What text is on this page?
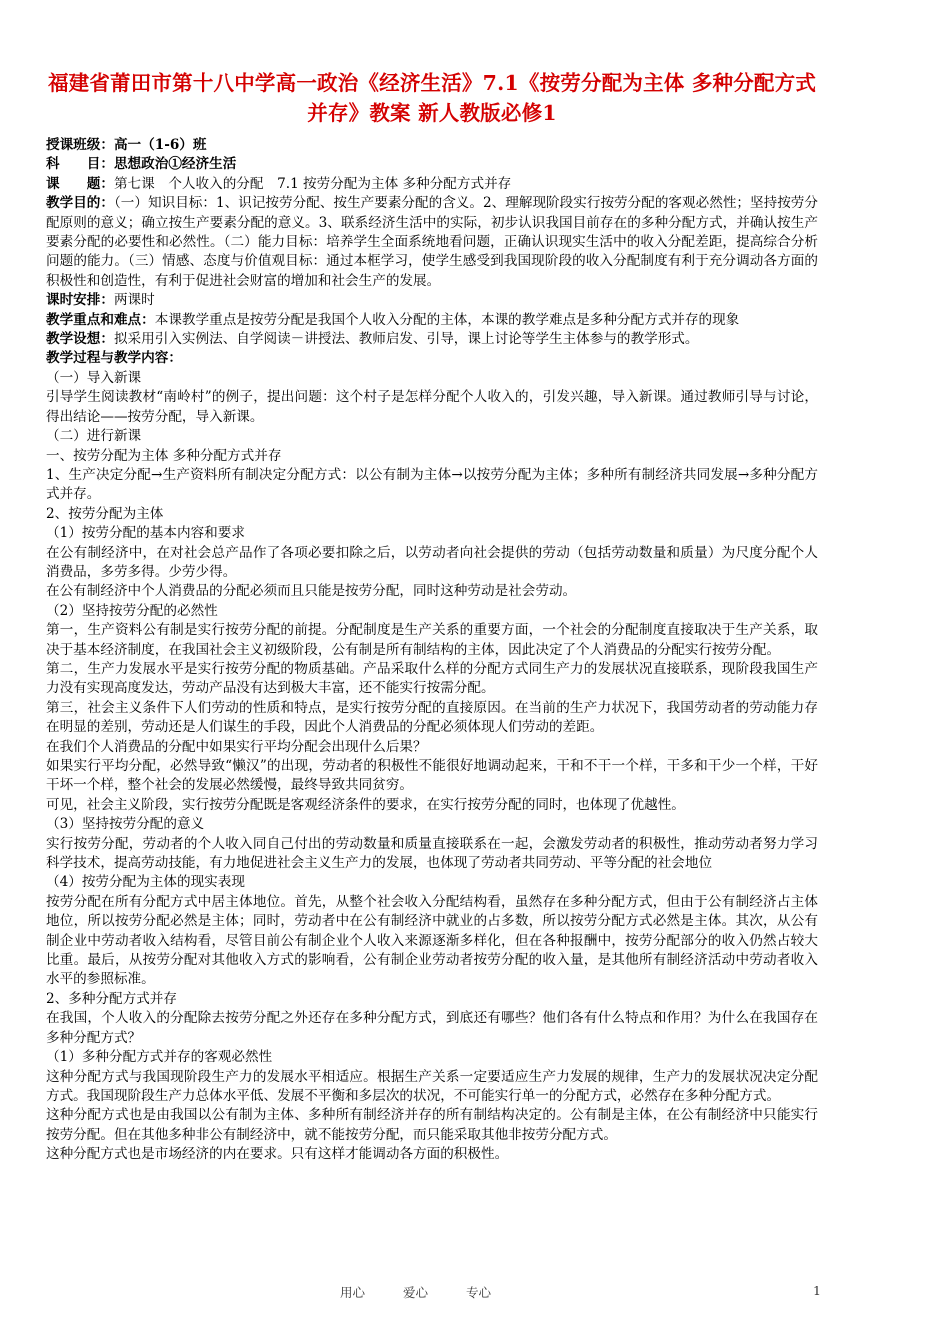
福建省莆田市第十八中学高一政治《经济生活》7.1《按劳分配为主体 多种分配方式并存》教案 新人教版必修1

授课班级：高一（1-6）班

科　　目：思想政治①经济生活

课　　题：第七课　个人收入的分配　7.1 按劳分配为主体 多种分配方式并存

教学目的：（一）知识目标：1、识记按劳分配、按生产要素分配的含义。2、理解现阶段实行按劳分配的客观必然性；坚持按劳分配原则的意义；确立按生产要素分配的意义。3、联系经济生活中的实际，初步认识我国目前存在的多种分配方式，并确认按生产要素分配的必要性和必然性。（二）能力目标：培养学生全面系统地看问题，正确认识现实生活中的收入分配差距，提高综合分析问题的能力。（三）情感、态度与价值观目标：通过本框学习，使学生感受到我国现阶段的收入分配制度有利于充分调动各方面的积极性和创造性，有利于促进社会财富的增加和社会生产的发展。

课时安排：两课时

教学重点和难点：本课教学重点是按劳分配是我国个人收入分配的主体，本课的教学难点是多种分配方式并存的现象

教学设想：拟采用引入实例法、自学阅读－讲授法、教师启发、引导，课上讨论等学生主体参与的教学形式。

教学过程与教学内容：

（一）导入新课

引导学生阅读教材“南岭村”的例子，提出问题：这个村子是怎样分配个人收入的，引发兴趣，导入新课。通过教师引导与讨论，得出结论——按劳分配，导入新课。

（二）进行新课

一、按劳分配为主体 多种分配方式并存

1、生产决定分配→生产资料所有制决定分配方式：以公有制为主体→以按劳分配为主体；多种所有制经济共同发展→多种分配方式并存。

2、按劳分配为主体

（1）按劳分配的基本内容和要求

在公有制经济中，在对社会总产品作了各项必要扣除之后，以劳动者向社会提供的劳动（包括劳动数量和质量）为尺度分配个人消费品，多劳多得。少劳少得。

在公有制经济中个人消费品的分配必须而且只能是按劳分配，同时这种劳动是社会劳动。

（2）坚持按劳分配的必然性

第一，生产资料公有制是实行按劳分配的前提。分配制度是生产关系的重要方面，一个社会的分配制度直接取决于生产关系，取决于基本经济制度，在我国社会主义初级阶段，公有制是所有制结构的主体，因此决定了个人消费品的分配实行按劳分配。

第二，生产力发展水平是实行按劳分配的物质基础。产品采取什么样的分配方式同生产力的发展状况直接联系，现阶段我国生产力没有实现高度发达，劳动产品没有达到极大丰富，还不能实行按需分配。

第三，社会主义条件下人们劳动的性质和特点，是实行按劳分配的直接原因。在当前的生产力状况下，我国劳动者的劳动能力存在明显的差别，劳动还是人们谋生的手段，因此个人消费品的分配必须体现人们劳动的差距。

在我们个人消费品的分配中如果实行平均分配会出现什么后果？

如果实行平均分配，必然导致“懒汉”的出现，劳动者的积极性不能很好地调动起来，干和不干一个样，干多和干少一个样，干好干坏一个样，整个社会的发展必然缓慢，最终导致共同贫穷。

可见，社会主义阶段，实行按劳分配既是客观经济条件的要求，在实行按劳分配的同时，也体现了优越性。

（3）坚持按劳分配的意义

实行按劳分配，劳动者的个人收入同自己付出的劳动数量和质量直接联系在一起，会激发劳动者的积极性，推动劳动者努力学习科学技术，提高劳动技能，有力地促进社会主义生产力的发展，也体现了劳动者共同劳动、平等分配的社会地位

（4）按劳分配为主体的现实表现

按劳分配在所有分配方式中居主体地位。首先，从整个社会收入分配结构看，虽然存在多种分配方式，但由于公有制经济占主体地位，所以按劳分配必然是主体；同时，劳动者中在公有制经济中就业的占多数，所以按劳分配方式必然是主体。其次，从公有制企业中劳动者收入结构看，尽管目前公有制企业个人收入来源逐渐多样化，但在各种报酬中，按劳分配部分的收入仍然占较大比重。最后，从按劳分配对其他收入方式的影响看，公有制企业劳动者按劳分配的收入量，是其他所有制经济活动中劳动者收入水平的参照标准。

2、多种分配方式并存

在我国，个人收入的分配除去按劳分配之外还存在多种分配方式，到底还有哪些？他们各有什么特点和作用？为什么在我国存在多种分配方式？

（1）多种分配方式并存的客观必然性

这种分配方式与我国现阶段生产力的发展水平相适应。根据生产关系一定要适应生产力发展的规律，生产力的发展状况决定分配方式。我国现阶段生产力总体水平低、发展不平衡和多层次的状况，不可能实行单一的分配方式，必然存在多种分配方式。

这种分配方式也是由我国以公有制为主体、多种所有制经济并存的所有制结构决定的。公有制是主体，在公有制经济中只能实行按劳分配。但在其他多种非公有制经济中，就不能按劳分配，而只能采取其他非按劳分配方式。

这种分配方式也是市场经济的内在要求。只有这样才能调动各方面的积极性。

用心	爱心	专心	1
